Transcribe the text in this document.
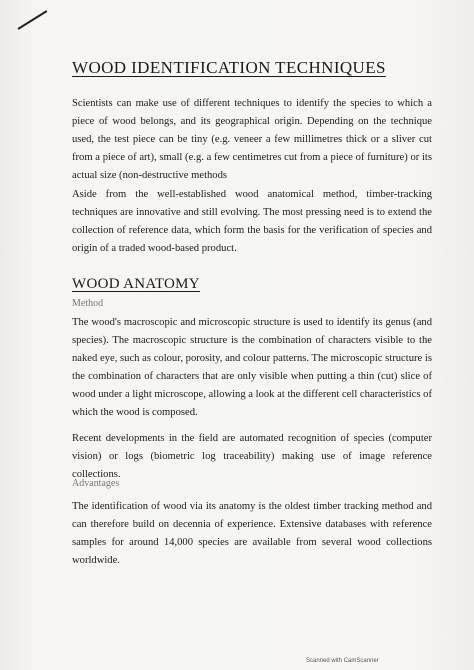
WOOD IDENTIFICATION TECHNIQUES

Scientists can make use of different techniques to identify the species to which a piece of wood belongs, and its geographical origin. Depending on the technique used, the test piece can be tiny (e.g. veneer a few millimetres thick or a sliver cut from a piece of art), small (e.g. a few centimetres cut from a piece of furniture) or its actual size (non-destructive methods

Aside from the well-established wood anatomical method, timber-tracking techniques are innovative and still evolving. The most pressing need is to extend the collection of reference data, which form the basis for the verification of species and origin of a traded wood-based product.

WOOD ANATOMY

Method

The wood's macroscopic and microscopic structure is used to identify its genus (and species). The macroscopic structure is the combination of characters visible to the naked eye, such as colour, porosity, and colour patterns. The microscopic structure is the combination of characters that are only visible when putting a thin (cut) slice of wood under a light microscope, allowing a look at the different cell characteristics of which the wood is composed.

Recent developments in the field are automated recognition of species (computer vision) or logs (biometric log traceability) making use of image reference collections.

Advantages

The identification of wood via its anatomy is the oldest timber tracking method and can therefore build on decennia of experience. Extensive databases with reference samples for around 14,000 species are available from several wood collections worldwide.

Scanned with CamScanner
